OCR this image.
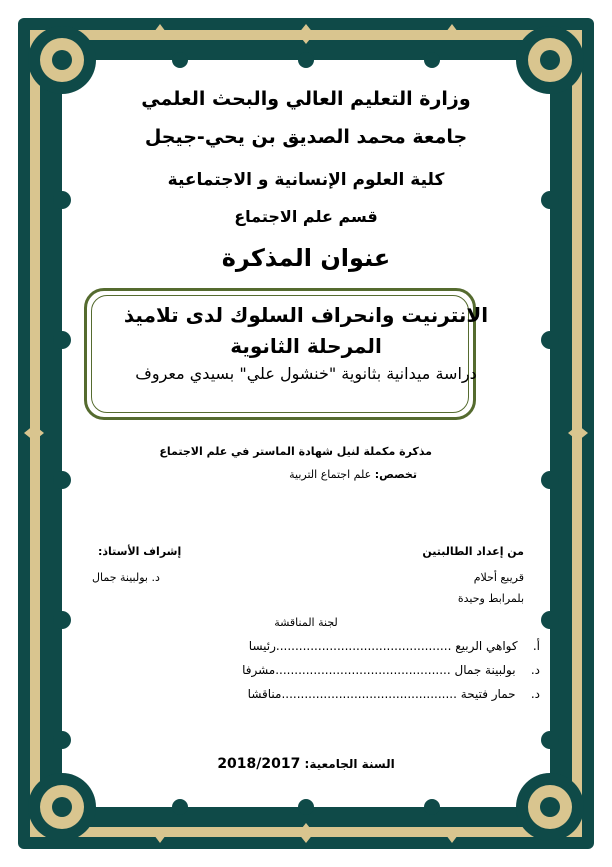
وزارة التعليم العالي والبحث العلمي
جامعة محمد الصديق بن يحي-جيجل
كلية العلوم الإنسانية و الاجتماعية
قسم علم الاجتماع
عنوان المذكرة
الانترنيت وانحراف السلوك لدى تلاميذ
المرحلة الثانوية
دراسة ميدانية بثانوية "خنشول علي" بسيدي معروف
مذكرة مكملة لنيل شهادة الماستر في علم الاجتماع
تخصص: علم اجتماع التربية
من إعداد الطالبتين
قريبع أحلام
بلمرابط وحيدة
إشراف الأستاذ:
د. بولبينة جمال
لجنة المناقشة
أ.    كواهي الربيع ..............................................رئيسا
د.    بولبينة جمال ..............................................مشرفا
د.    حمار فتيحة ..............................................مناقشا
السنة الجامعية: 2018/2017
